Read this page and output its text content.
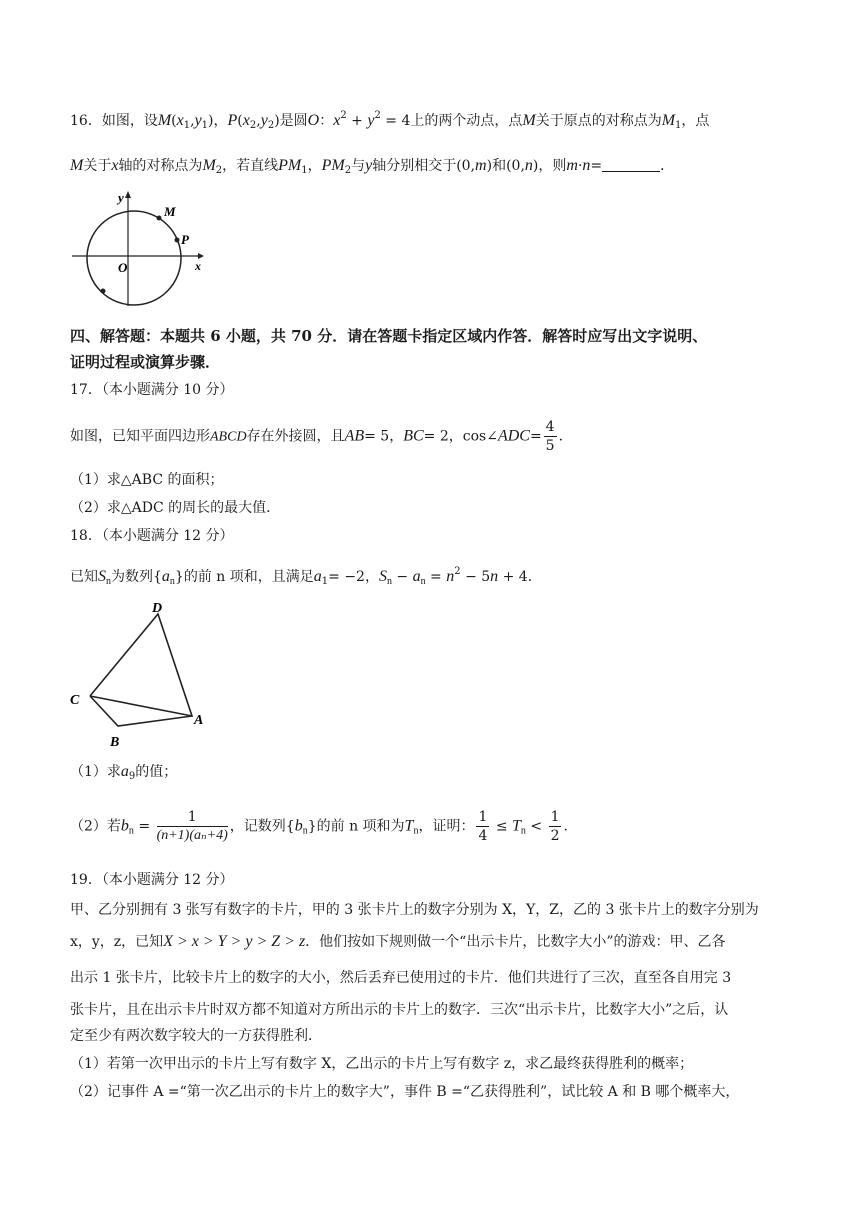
16．如图，设$M(x_1,y_1)$，$P(x_2,y_2)$是圆O：$x^2 + y^2 = 4$上的两个动点，点M关于原点的对称点为$M_1$，点
M关于x轴的对称点为$M_2$，若直线$PM_1$，$PM_2$与y轴分别相交于(0,m)和(0,n)，则m·n=	．
y
x
O
M
P
四、解答题：本题共 6 小题，共 70 分．请在答题卡指定区域内作答．解答时应写出文字说明、
证明过程或演算步骤．
17．（本小题满分 10 分）
如图，已知平面四边形ABCD存在外接圆，且AB= 5，BC= 2，cos∠ADC= $\frac{4}{5}$ ．
（1）求△ABC 的面积；
（2）求△ADC 的周长的最大值．
18．（本小题满分 12 分）
已知$S_n$为数列$\{a_n\}$的前 n 项和，且满足$a_1= -2$，$S_n - a_n = n^2 - 5n + 4$．
D
C
A
B
（1）求$a_9$的值；
（2）若$b_n = \frac{1}{\text{(n+1)(aₙ+4)}}$ ，记数列$\{b_n\}$的前 n 项和为$T_n$，证明： $\frac{1}{4} \le T_n < \frac{1}{2}$ ．
19．（本小题满分 12 分）
甲、乙分别拥有 3 张写有数字的卡片，甲的 3 张卡片上的数字分别为 X，Y，Z，乙的 3 张卡片上的数字分别为
x，y，z，已知X > x > Y > y > Z > z．他们按如下规则做一个“出示卡片，比数字大小”的游戏：甲、乙各
出示 1 张卡片，比较卡片上的数字的大小，然后丢弃已使用过的卡片．他们共进行了三次，直至各自用完 3
张卡片，且在出示卡片时双方都不知道对方所出示的卡片上的数字．三次“出示卡片，比数字大小”之后，认
定至少有两次数字较大的一方获得胜利．
（1）若第一次甲出示的卡片上写有数字 X，乙出示的卡片上写有数字 z，求乙最终获得胜利的概率；
（2）记事件 A =“第一次乙出示的卡片上的数字大”，事件 B =“乙获得胜利”，试比较 A 和 B 哪个概率大，
